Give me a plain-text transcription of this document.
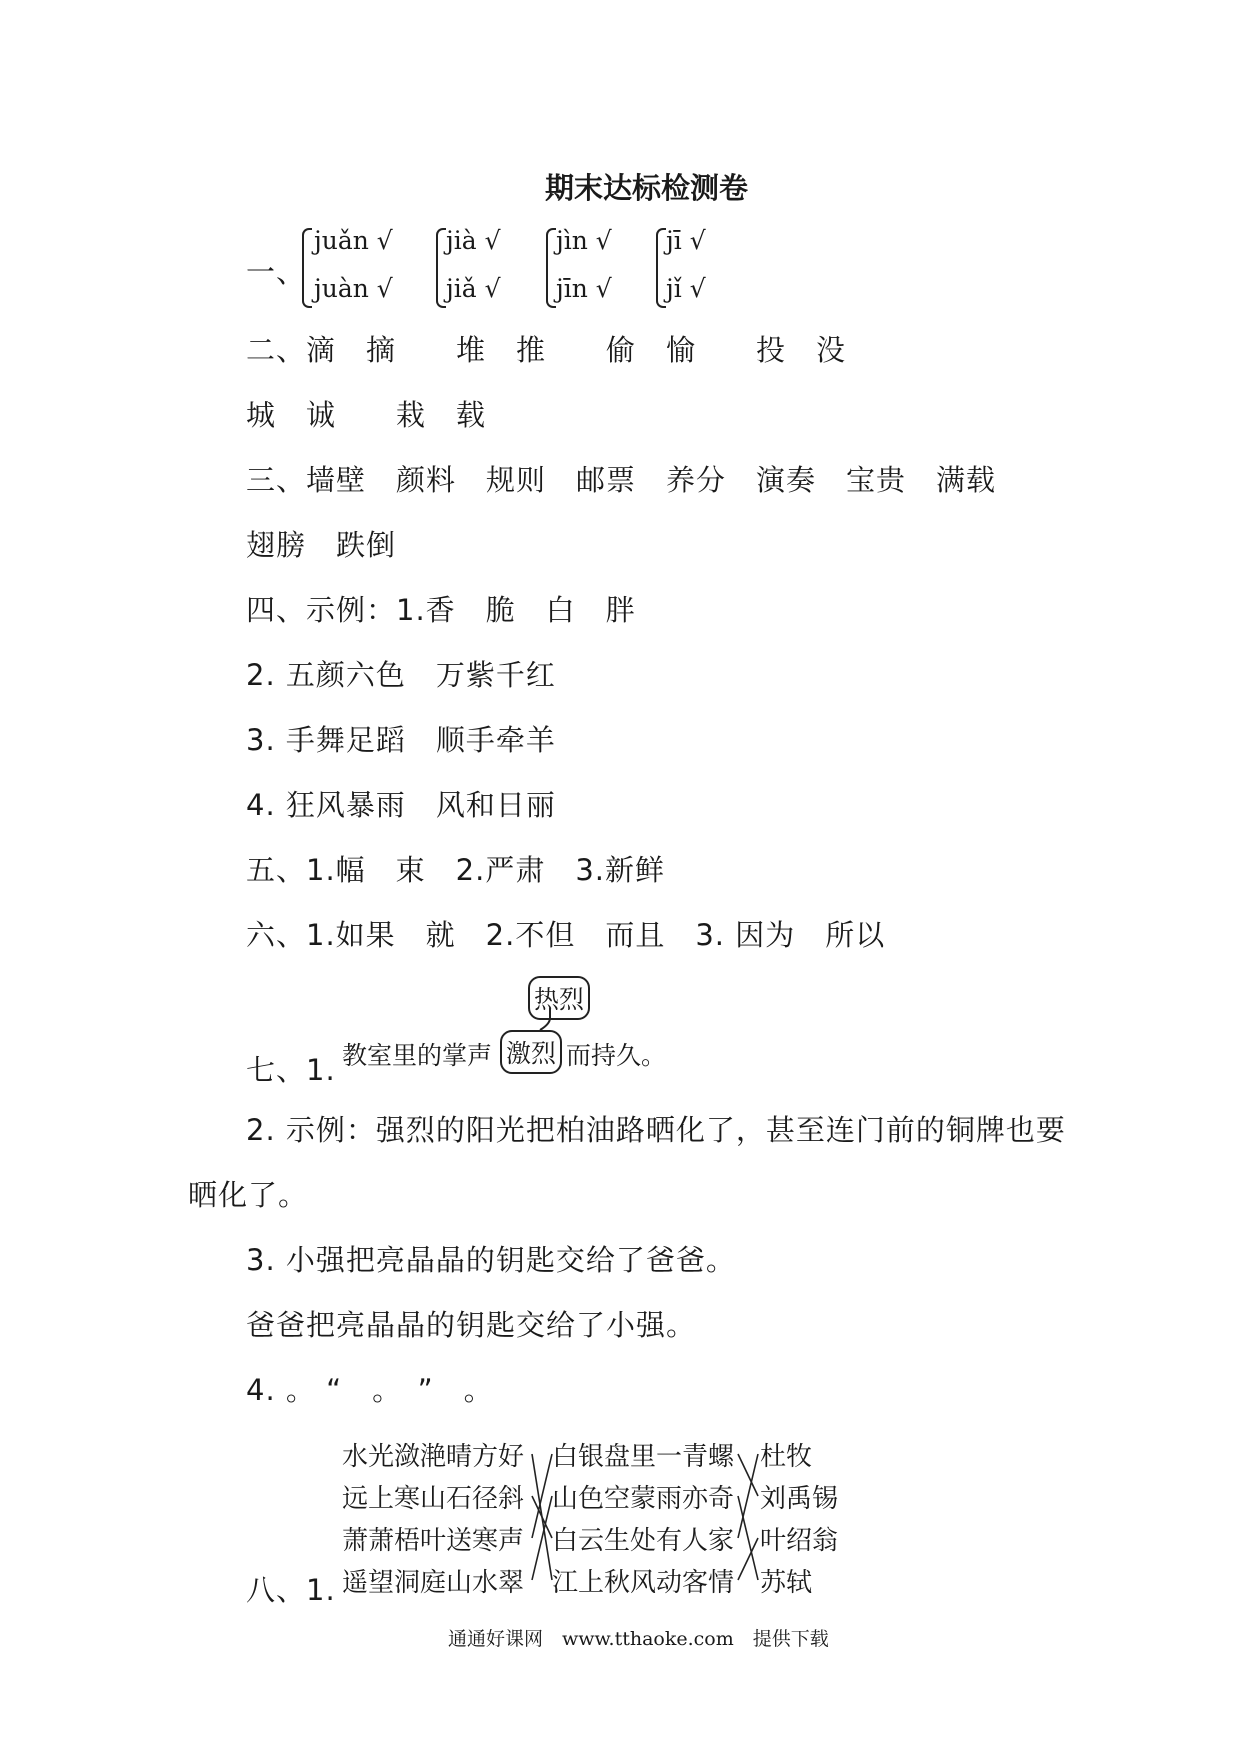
期末达标检测卷
一、
juǎn √
juàn √
jià √
jiǎ √
jìn √
jīn √
jī √
jǐ √
二、滴　摘　　堆　推　　偷　愉　　投　没
城　诚　　栽　载
三、墙壁　颜料　规则　邮票　养分　演奏　宝贵　满载
翅膀　跌倒
四、示例：1.香　脆　白　胖
2. 五颜六色　万紫千红
3. 手舞足蹈　顺手牵羊
4. 狂风暴雨　风和日丽
五、1.幅　束　2.严肃　3.新鲜
六、1.如果　就　2.不但　而且　3. 因为　所以
七、1. 教室里的掌声 激烈
热烈
而持久。
2. 示例：强烈的阳光把柏油路晒化了，甚至连门前的铜牌也要
晒化了。
3. 小强把亮晶晶的钥匙交给了爸爸。
爸爸把亮晶晶的钥匙交给了小强。
4. 。 “　。　”　。
八、1.
水光潋滟晴方好
远上寒山石径斜
萧萧梧叶送寒声
遥望洞庭山水翠
白银盘里一青螺
山色空蒙雨亦奇
白云生处有人家
江上秋风动客情
杜牧
刘禹锡
叶绍翁
苏轼
通通好课网　www.tthaoke.com　提供下载
